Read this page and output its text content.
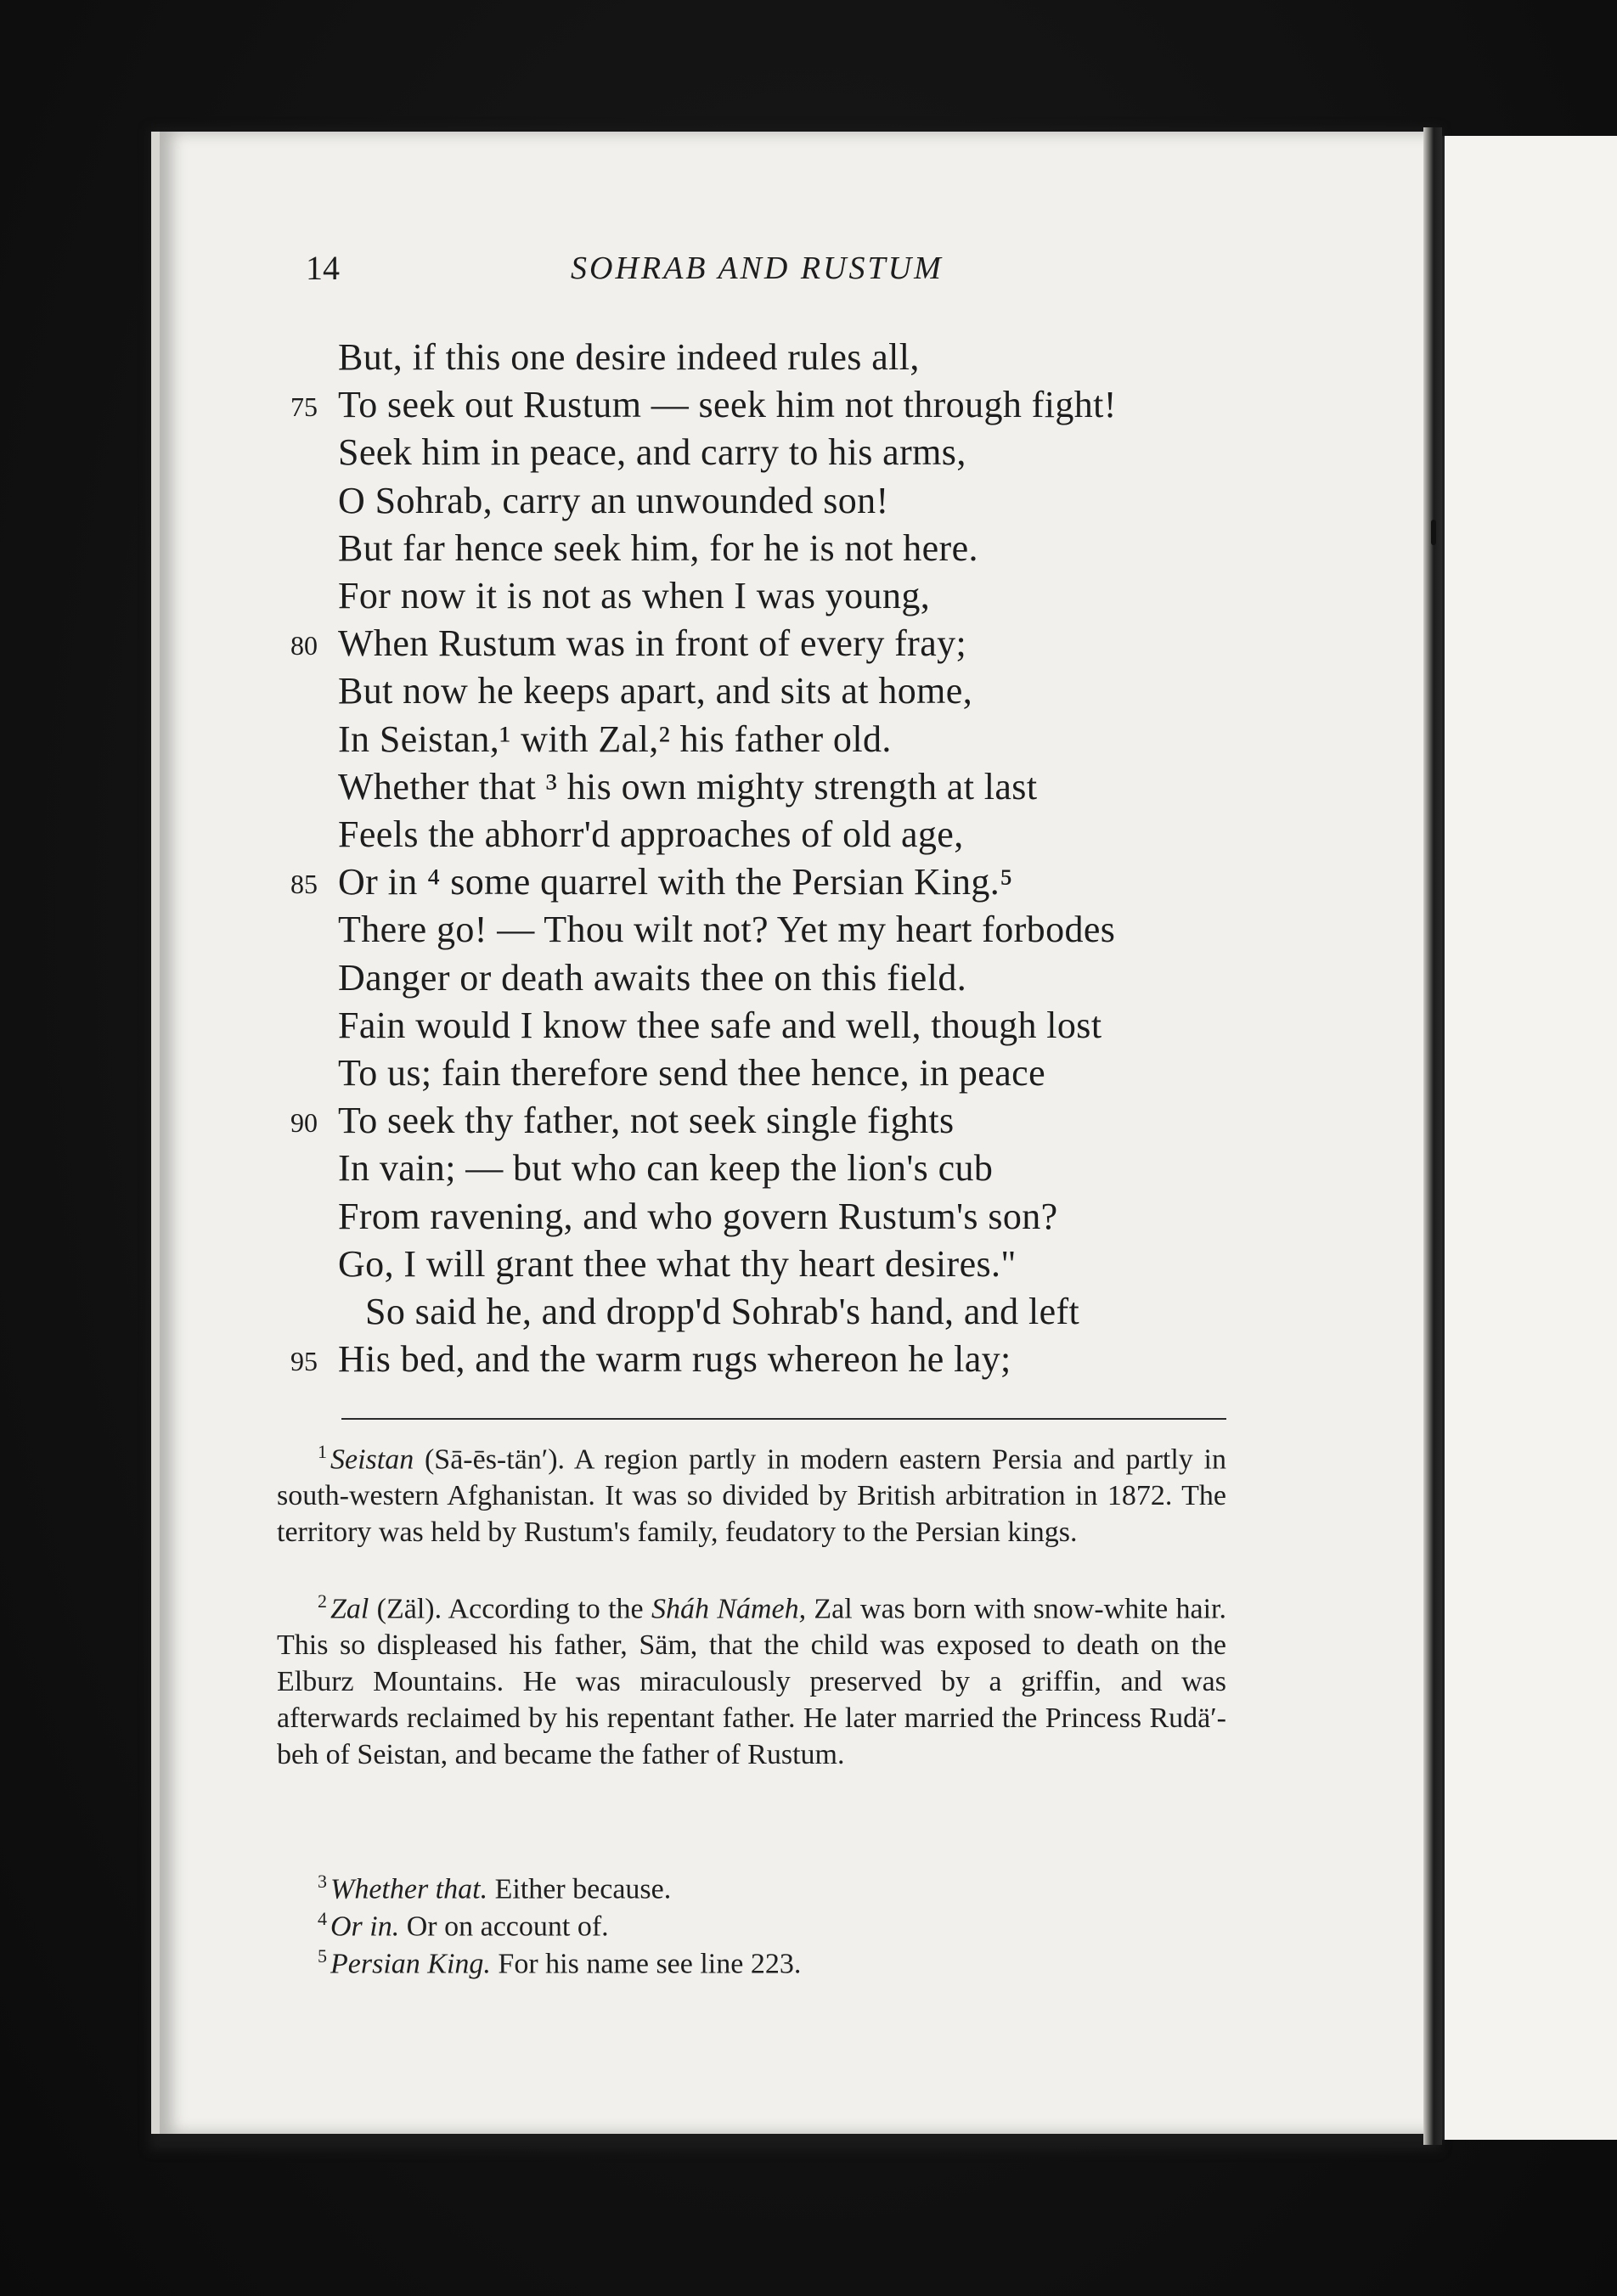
14	SOHRAB AND RUSTUM
But, if this one desire indeed rules all,
75 To seek out Rustum — seek him not through fight!
Seek him in peace, and carry to his arms,
O Sohrab, carry an unwounded son!
But far hence seek him, for he is not here.
For now it is not as when I was young,
80 When Rustum was in front of every fray;
But now he keeps apart, and sits at home,
In Seistan,¹ with Zal,² his father old.
Whether that ³ his own mighty strength at last
Feels the abhorr'd approaches of old age,
85 Or in ⁴ some quarrel with the Persian King.⁵
There go! — Thou wilt not? Yet my heart forbodes
Danger or death awaits thee on this field.
Fain would I know thee safe and well, though lost
To us; fain therefore send thee hence, in peace
90 To seek thy father, not seek single fights
In vain; — but who can keep the lion's cub
From ravening, and who govern Rustum's son?
Go, I will grant thee what thy heart desires."
So said he, and dropp'd Sohrab's hand, and left
95 His bed, and the warm rugs whereon he lay;
$^1$ Seistan (Sā-ēs-tän′). A region partly in modern eastern Persia and partly in south-western Afghanistan. It was so divided by British arbitration in 1872. The territory was held by Rustum's family, feudatory to the Persian kings.
$^2$ Zal (Zäl). According to the Sháh Námeh, Zal was born with snow-white hair. This so displeased his father, Säm, that the child was exposed to death on the Elburz Mountains. He was miraculously preserved by a griffin, and was afterwards reclaimed by his repentant father. He later married the Princess Rudä′-beh of Seistan, and became the father of Rustum.
$^3$ Whether that. Either because.
$^4$ Or in. Or on account of.
$^5$ Persian King. For his name see line 223.
